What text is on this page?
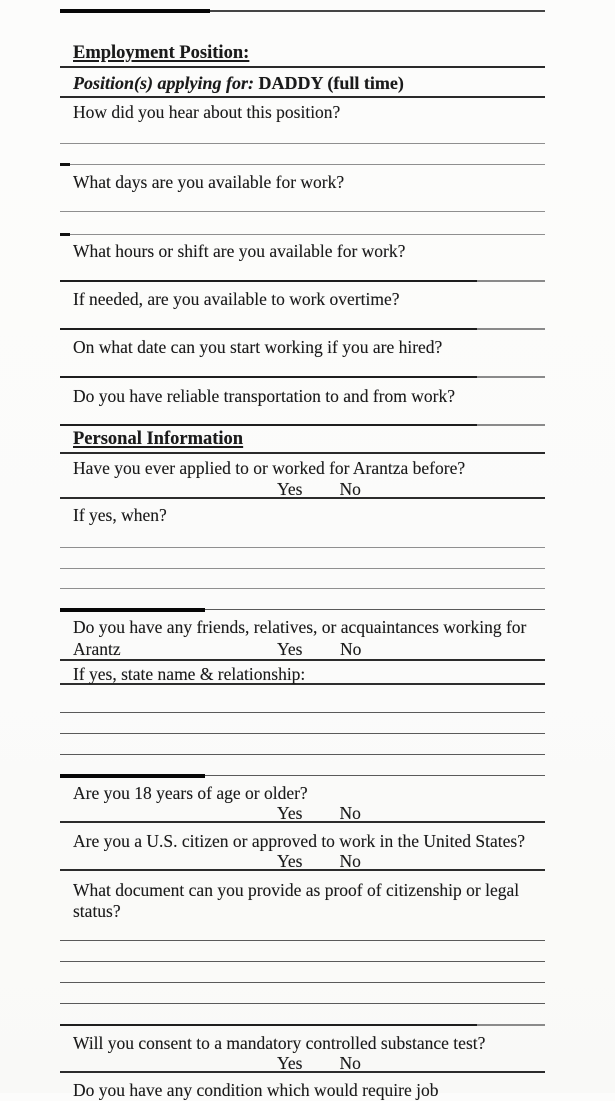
Employment Position:
Position(s) applying for: DADDY (full time)
How did you hear about this position?
What days are you available for work?
What hours or shift are you available for work?
If needed, are you available to work overtime?
On what date can you start working if you are hired?
Do you have reliable transportation to and from work?
Personal Information
Have you ever applied to or worked for Arantza before?
Yes No
If yes, when?
Do you have any friends, relatives, or acquaintances working for
Arantz	Yes No
If yes, state name & relationship:
Are you 18 years of age or older?
Yes No
Are you a U.S. citizen or approved to work in the United States?
Yes No
What document can you provide as proof of citizenship or legal status?
Will you consent to a mandatory controlled substance test?
Yes No
Do you have any condition which would require job
